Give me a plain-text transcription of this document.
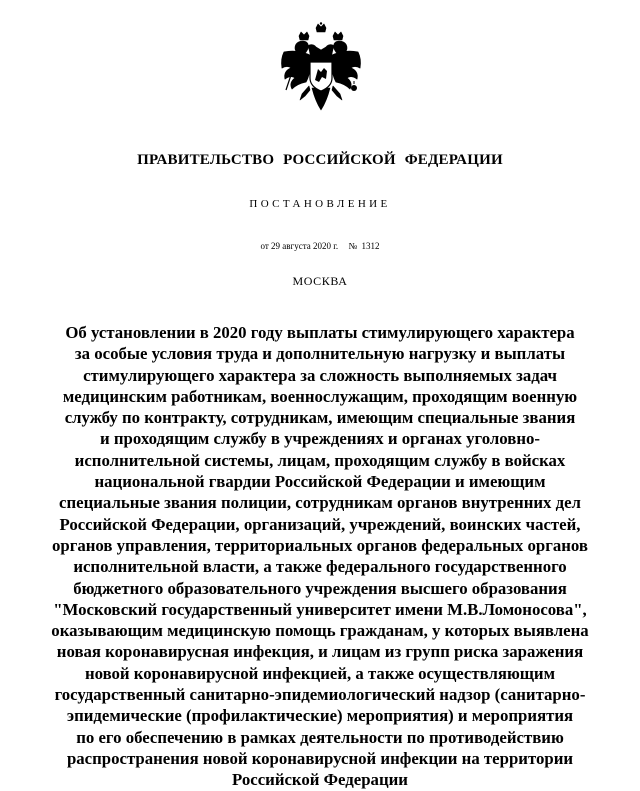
ПРАВИТЕЛЬСТВО РОССИЙСКОЙ ФЕДЕРАЦИИ
ПОСТАНОВЛЕНИЕ
от 29 августа 2020 г. № 1312
МОСКВА
Об установлении в 2020 году выплаты стимулирующего характера
за особые условия труда и дополнительную нагрузку и выплаты
стимулирующего характера за сложность выполняемых задач
медицинским работникам, военнослужащим, проходящим военную
службу по контракту, сотрудникам, имеющим специальные звания
и проходящим службу в учреждениях и органах уголовно-
исполнительной системы, лицам, проходящим службу в войсках
национальной гвардии Российской Федерации и имеющим
специальные звания полиции, сотрудникам органов внутренних дел
Российской Федерации, организаций, учреждений, воинских частей,
органов управления, территориальных органов федеральных органов
исполнительной власти, а также федерального государственного
бюджетного образовательного учреждения высшего образования
"Московский государственный университет имени М.В.Ломоносова",
оказывающим медицинскую помощь гражданам, у которых выявлена
новая коронавирусная инфекция, и лицам из групп риска заражения
новой коронавирусной инфекцией, а также осуществляющим
государственный санитарно-эпидемиологический надзор (санитарно-
эпидемические (профилактические) мероприятия) и мероприятия
по его обеспечению в рамках деятельности по противодействию
распространения новой коронавирусной инфекции на территории
Российской Федерации
